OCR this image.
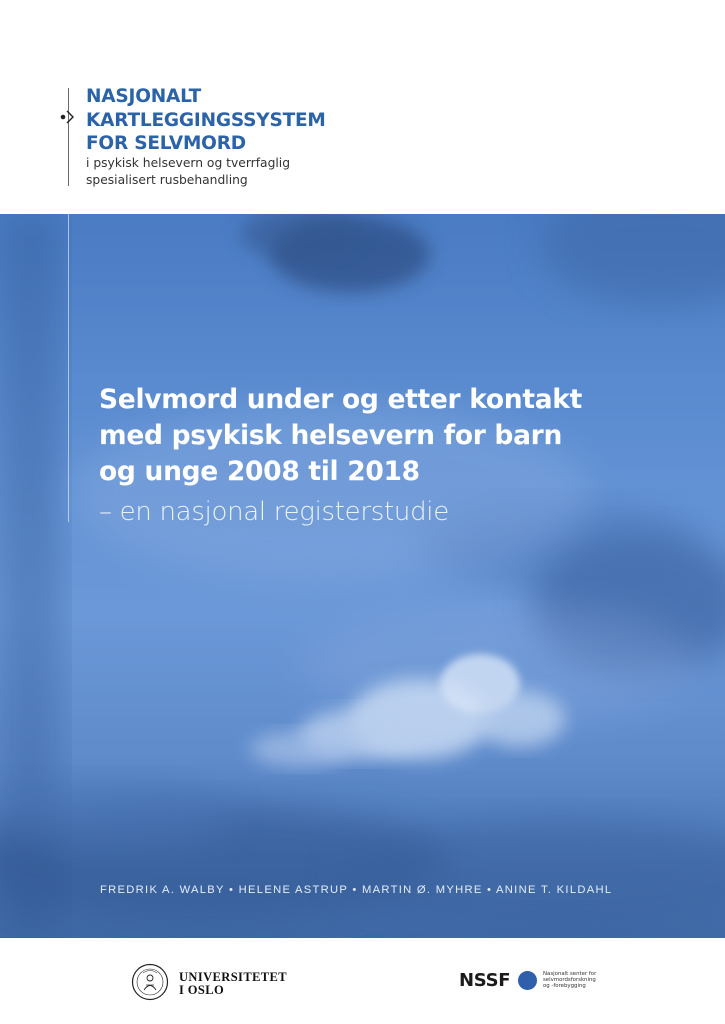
NASJONALT
KARTLEGGINGSSYSTEM
FOR SELVMORD
i psykisk helsevern og tverrfaglig
spesialisert rusbehandling
Selvmord under og etter kontakt
med psykisk helsevern for barn
og unge 2008 til 2018
– en nasjonal registerstudie
FREDRIK A. WALBY • HELENE ASTRUP • MARTIN Ø. MYHRE • ANINE T. KILDAHL
UNIVERSITETET
I OSLO	NSSF	Nasjonalt senter for
selvmordsforskning
og -forebygging
